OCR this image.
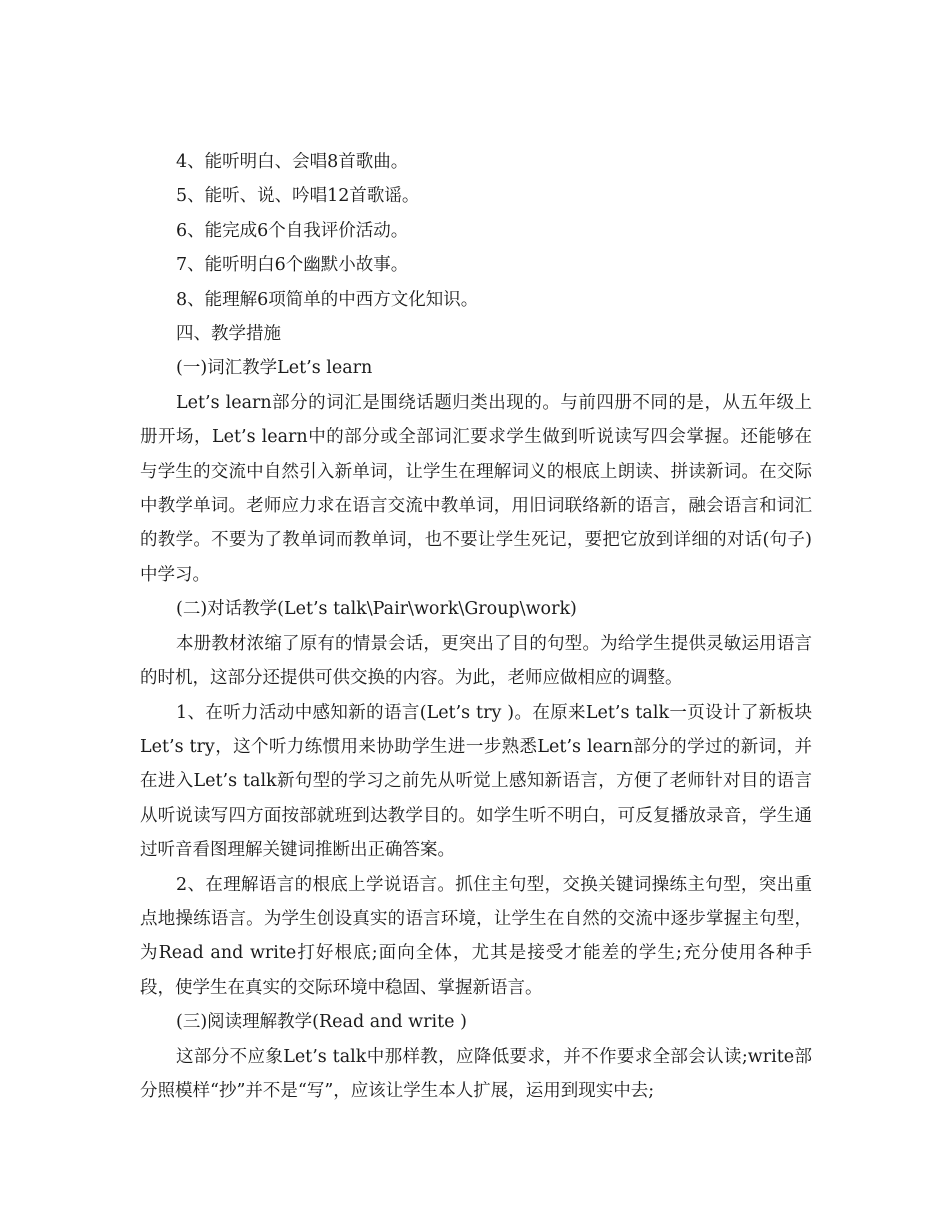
4、能听明白、会唱8首歌曲。

5、能听、说、吟唱12首歌谣。

6、能完成6个自我评价活动。

7、能听明白6个幽默小故事。

8、能理解6项简单的中西方文化知识。

四、教学措施

(一)词汇教学Let’s learn

Let’s learn部分的词汇是围绕话题归类出现的。与前四册不同的是，从五年级上册开场，Let’s learn中的部分或全部词汇要求学生做到听说读写四会掌握。还能够在与学生的交流中自然引入新单词，让学生在理解词义的根底上朗读、拼读新词。在交际中教学单词。老师应力求在语言交流中教单词，用旧词联络新的语言，融会语言和词汇的教学。不要为了教单词而教单词，也不要让学生死记，要把它放到详细的对话(句子)中学习。

(二)对话教学(Let’s talk\Pair\work\Group\work)

本册教材浓缩了原有的情景会话，更突出了目的句型。为给学生提供灵敏运用语言的时机，这部分还提供可供交换的内容。为此，老师应做相应的调整。

1、在听力活动中感知新的语言(Let’s try )。在原来Let’s talk一页设计了新板块Let’s try，这个听力练惯用来协助学生进一步熟悉Let’s learn部分的学过的新词，并在进入Let’s talk新句型的学习之前先从听觉上感知新语言，方便了老师针对目的语言从听说读写四方面按部就班到达教学目的。如学生听不明白，可反复播放录音，学生通过听音看图理解关键词推断出正确答案。

2、在理解语言的根底上学说语言。抓住主句型，交换关键词操练主句型，突出重点地操练语言。为学生创设真实的语言环境，让学生在自然的交流中逐步掌握主句型，为Read and write打好根底;面向全体，尤其是接受才能差的学生;充分使用各种手段，使学生在真实的交际环境中稳固、掌握新语言。

(三)阅读理解教学(Read and write )

这部分不应象Let’s talk中那样教，应降低要求，并不作要求全部会认读;write部分照模样“抄”并不是“写”，应该让学生本人扩展，运用到现实中去;
